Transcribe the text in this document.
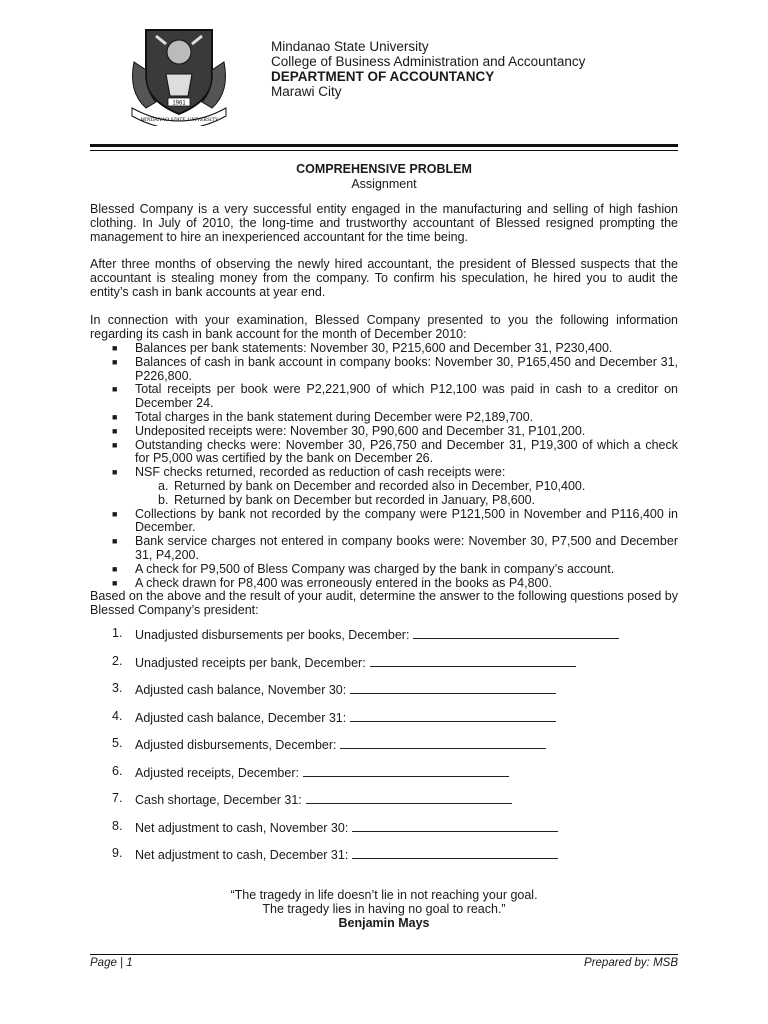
1961
MINDANAO STATE UNIVERSITY
Mindanao State University
College of Business Administration and Accountancy
DEPARTMENT OF ACCOUNTANCY
Marawi City
COMPREHENSIVE PROBLEM
Assignment

Blessed Company is a very successful entity engaged in the manufacturing and selling of high fashion clothing. In July of 2010, the long-time and trustworthy accountant of Blessed resigned prompting the management to hire an inexperienced accountant for the time being.

After three months of observing the newly hired accountant, the president of Blessed suspects that the accountant is stealing money from the company. To confirm his speculation, he hired you to audit the entity’s cash in bank accounts at year end.

In connection with your examination, Blessed Company presented to you the following information regarding its cash in bank account for the month of December 2010:

■ Balances per bank statements: November 30, P215,600 and December 31, P230,400.
■ Balances of cash in bank account in company books: November 30, P165,450 and December 31, P226,800.
■ Total receipts per book were P2,221,900 of which P12,100 was paid in cash to a creditor on December 24.
■ Total charges in the bank statement during December were P2,189,700.
■ Undeposited receipts were: November 30, P90,600 and December 31, P101,200.
■ Outstanding checks were: November 30, P26,750 and December 31, P19,300 of which a check for P5,000 was certified by the bank on December 26.
■ NSF checks returned, recorded as reduction of cash receipts were:
a. Returned by bank on December and recorded also in December, P10,400.
b. Returned by bank on December but recorded in January, P8,600.
■ Collections by bank not recorded by the company were P121,500 in November and P116,400 in December.
■ Bank service charges not entered in company books were: November 30, P7,500 and December 31, P4,200.
■ A check for P9,500 of Bless Company was charged by the bank in company’s account.
■ A check drawn for P8,400 was erroneously entered in the books as P4,800.
Based on the above and the result of your audit, determine the answer to the following questions posed by Blessed Company’s president:
1. Unadjusted disbursements per books, December:
2. Unadjusted receipts per bank, December:
3. Adjusted cash balance, November 30:
4. Adjusted cash balance, December 31:
5. Adjusted disbursements, December:
6. Adjusted receipts, December:
7. Cash shortage, December 31:
8. Net adjustment to cash, November 30:
9. Net adjustment to cash, December 31:
“The tragedy in life doesn’t lie in not reaching your goal.
The tragedy lies in having no goal to reach.”
Benjamin Mays
Page | 1	Prepared by: MSB
